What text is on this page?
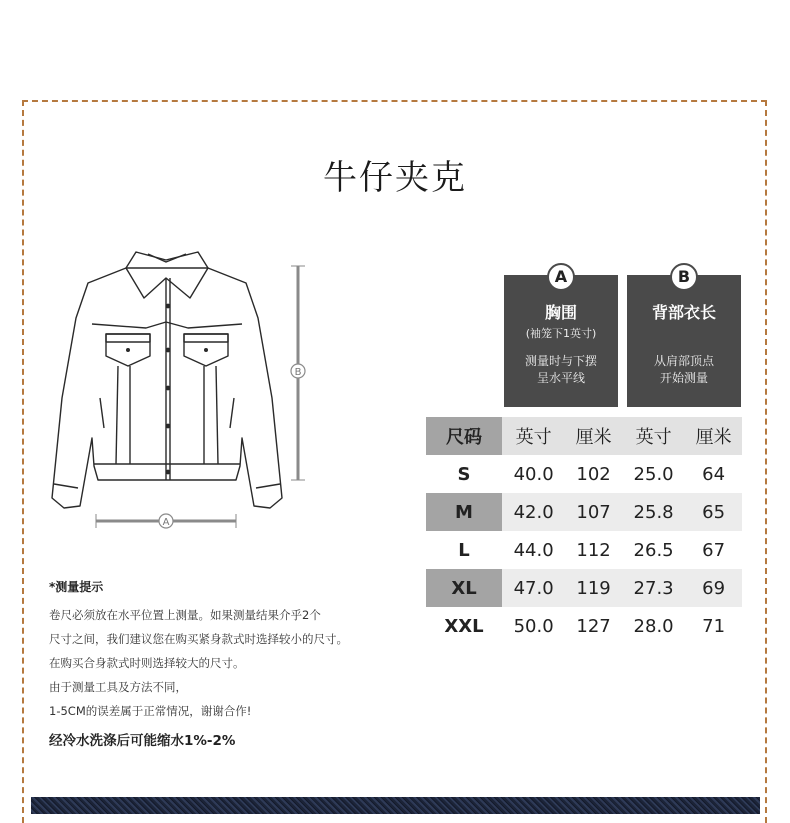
牛仔夹克
B
A
A
胸围
(袖笼下1英寸)
测量时与下摆
呈水平线
B
背部衣长
从肩部顶点
开始测量
尺码	英寸	厘米	英寸	厘米
S	40.0	102	25.0	64
M	42.0	107	25.8	65
L	44.0	112	26.5	67
XL	47.0	119	27.3	69
XXL	50.0	127	28.0	71
*测量提示
卷尺必须放在水平位置上测量。如果测量结果介乎2个
尺寸之间，我们建议您在购买紧身款式时选择较小的尺寸。
在购买合身款式时则选择较大的尺寸。
由于测量工具及方法不同，
1-5CM的误差属于正常情况，谢谢合作!
经冷水洗涤后可能缩水1%-2%
